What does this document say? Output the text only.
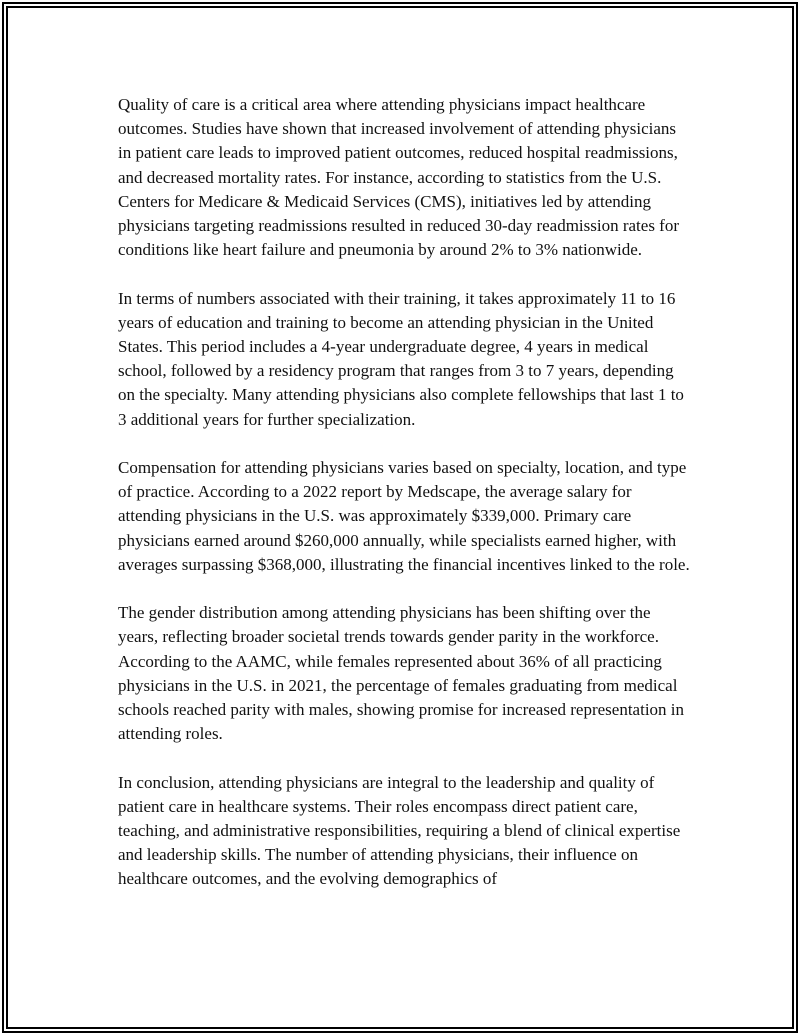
Quality of care is a critical area where attending physicians impact healthcare outcomes. Studies have shown that increased involvement of attending physicians in patient care leads to improved patient outcomes, reduced hospital readmissions, and decreased mortality rates. For instance, according to statistics from the U.S. Centers for Medicare & Medicaid Services (CMS), initiatives led by attending physicians targeting readmissions resulted in reduced 30-day readmission rates for conditions like heart failure and pneumonia by around 2% to 3% nationwide.

In terms of numbers associated with their training, it takes approximately 11 to 16 years of education and training to become an attending physician in the United States. This period includes a 4-year undergraduate degree, 4 years in medical school, followed by a residency program that ranges from 3 to 7 years, depending on the specialty. Many attending physicians also complete fellowships that last 1 to 3 additional years for further specialization.

Compensation for attending physicians varies based on specialty, location, and type of practice. According to a 2022 report by Medscape, the average salary for attending physicians in the U.S. was approximately $339,000. Primary care physicians earned around $260,000 annually, while specialists earned higher, with averages surpassing $368,000, illustrating the financial incentives linked to the role.

The gender distribution among attending physicians has been shifting over the years, reflecting broader societal trends towards gender parity in the workforce. According to the AAMC, while females represented about 36% of all practicing physicians in the U.S. in 2021, the percentage of females graduating from medical schools reached parity with males, showing promise for increased representation in attending roles.

In conclusion, attending physicians are integral to the leadership and quality of patient care in healthcare systems. Their roles encompass direct patient care, teaching, and administrative responsibilities, requiring a blend of clinical expertise and leadership skills. The number of attending physicians, their influence on healthcare outcomes, and the evolving demographics of
